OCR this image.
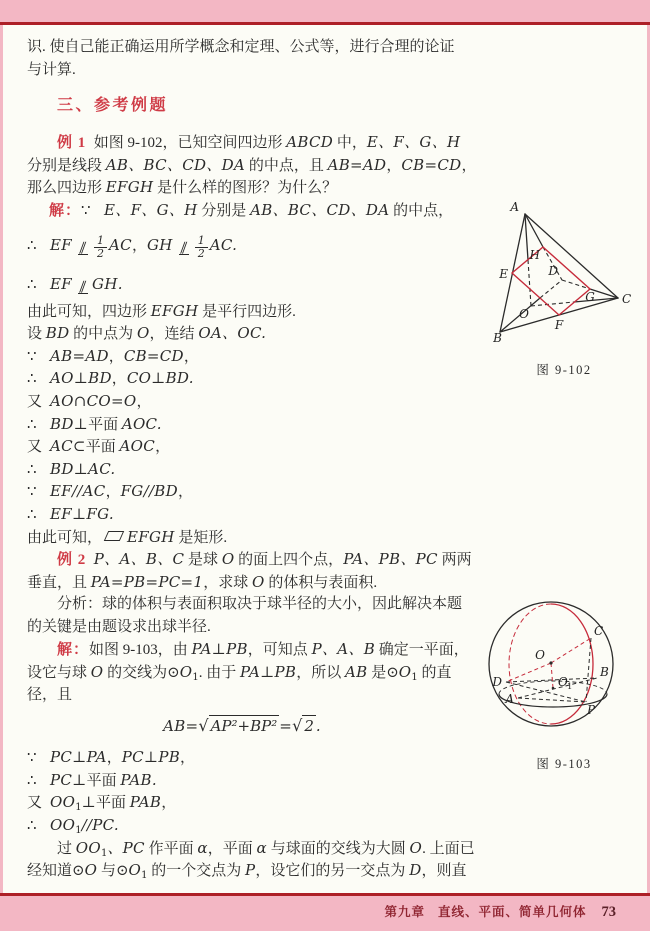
识. 使自己能正确运用所学概念和定理、公式等，进行合理的论证
与计算.
三、参考例题
例 1  如图 9-102，已知空间四边形 ABCD 中，E、F、G、H
分别是线段 AB、BC、CD、DA 的中点，且 AB=AD，CB=CD，
那么四边形 EFGH 是什么样的图形？为什么？
解：∵ E、F、G、H 分别是 AB、BC、CD、DA 的中点，
∴ EF ∥ $\frac{1}{2}$ AC，GH ∥ $\frac{1}{2}$ AC.
∴ EF ∥ GH.
由此可知，四边形 EFGH 是平行四边形.
设 BD 的中点为 O，连结 OA、OC.
∵ AB=AD，CB=CD，
∴ AO⊥BD，CO⊥BD.
又 AO∩CO=O，
∴ BD⊥平面 AOC.
又 AC⊂平面 AOC，
∴ BD⊥AC.
∵ EF//AC，FG//BD，
∴ EF⊥FG.
由此可知， EFGH 是矩形.
例 2 P、A、B、C 是球 O 的面上四个点，PA、PB、PC 两两
垂直，且 PA=PB=PC=1，求球 O 的体积与表面积.
分析：球的体积与表面积取决于球半径的大小，因此解决本题
的关键是由题设求出球半径.
解：如图 9-103，由 PA⊥PB，可知点 P、A、B 确定一平面，
设它与球 O 的交线为$⊙O_1$. 由于 PA⊥PB，所以 AB 是$⊙O_1$ 的直
径，且
AB=√ AP²+BP² =√ 2 .
∵ PC⊥PA，PC⊥PB，
∴ PC⊥平面 PAB.
又 $OO_1\perp$平面 PAB，
∴ $OO_1//PC$.
过 $OO_1$、PC 作平面 α，平面 α 与球面的交线为大圆 O. 上面已
经知道⊙O 与$⊙O_1$ 的一个交点为 P，设它们的另一交点为 D，则直
A
B
C
D
E
F
G
H
O
图 9-102
O
O 1
C
B
D
A
P
图 9-103
第九章 直线、平面、简单几何体 73
